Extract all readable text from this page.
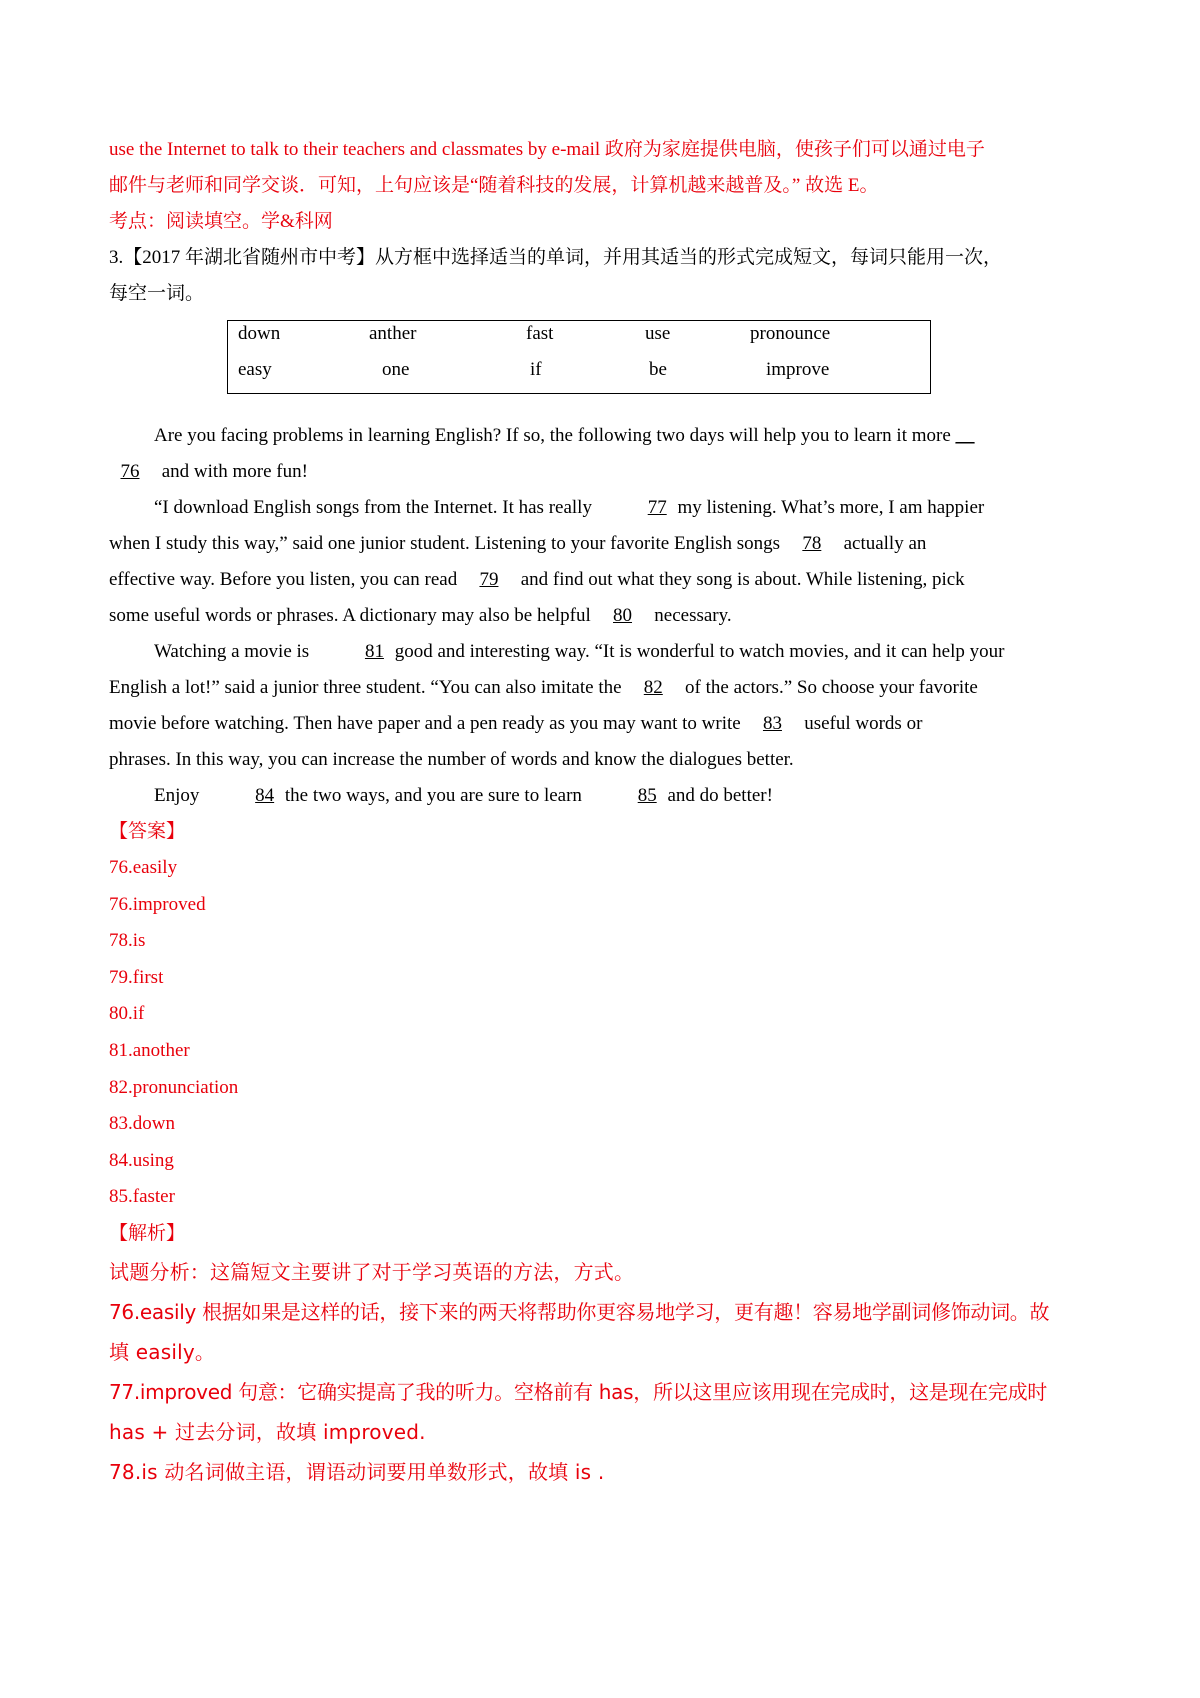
use the Internet to talk to their teachers and classmates by e-mail 政府为家庭提供电脑，使孩子们可以通过电子

邮件与老师和同学交谈．可知，上句应该是“随着科技的发展，计算机越来越普及。” 故选 E。

考点：阅读填空。学&科网

3.【2017 年湖北省随州市中考】从方框中选择适当的单词，并用其适当的形式完成短文，每词只能用一次，

每空一词。

down	anther	fast	use	pronounce
easy	one	if	be	improve

Are you facing problems in learning English? If so, the following two days will help you to learn it more __

76 and with more fun!

“I download English songs from the Internet. It has really	77 my listening. What’s more, I am happier

when I study this way,” said one junior student. Listening to your favorite English songs 78 actually an

effective way. Before you listen, you can read 79 and find out what they song is about. While listening, pick

some useful words or phrases. A dictionary may also be helpful 80 necessary.

Watching a movie is	81 good and interesting way. “It is wonderful to watch movies, and it can help your

English a lot!” said a junior three student. “You can also imitate the 82 of the actors.” So choose your favorite

movie before watching. Then have paper and a pen ready as you may want to write 83 useful words or

phrases. In this way, you can increase the number of words and know the dialogues better.

Enjoy	84 the two ways, and you are sure to learn	85 and do better!

【答案】

76.easily

76.improved

78.is

79.first

80.if

81.another

82.pronunciation

83.down

84.using

85.faster

【解析】

试题分析：这篇短文主要讲了对于学习英语的方法，方式。

76.easily 根据如果是这样的话，接下来的两天将帮助你更容易地学习，更有趣！容易地学副词修饰动词。故

填 easily。

77.improved 句意：它确实提高了我的听力。空格前有 has，所以这里应该用现在完成时，这是现在完成时

has + 过去分词，故填 improved.

78.is 动名词做主语，谓语动词要用单数形式，故填 is .
